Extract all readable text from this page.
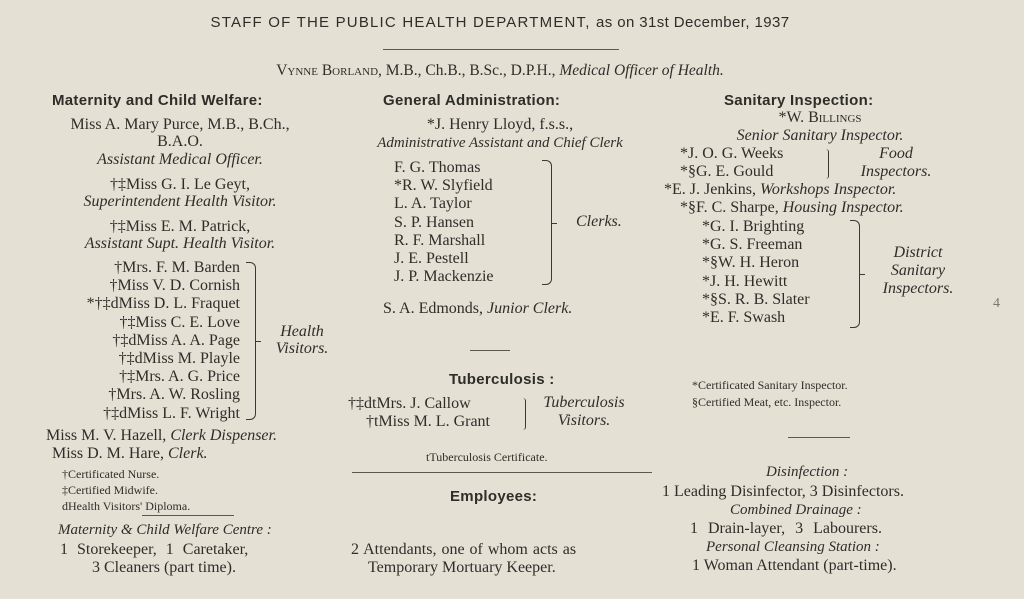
STAFF OF THE PUBLIC HEALTH DEPARTMENT, as on 31st December, 1937
Vynne Borland, M.B., Ch.B., B.Sc., D.P.H., Medical Officer of Health.
Maternity and Child Welfare:
Miss A. Mary Purce, M.B., B.Ch.,
B.A.O.
Assistant Medical Officer.
†‡Miss G. I. Le Geyt,
Superintendent Health Visitor.
†‡Miss E. M. Patrick,
Assistant Supt. Health Visitor.
†Mrs. F. M. Barden
†Miss V. D. Cornish
*†‡dMiss D. L. Fraquet
†‡Miss C. E. Love
†‡dMiss A. A. Page
†‡dMiss M. Playle
†‡Mrs. A. G. Price
†Mrs. A. W. Rosling
†‡dMiss L. F. Wright
Health
Visitors.
Miss M. V. Hazell, Clerk Dispenser.
Miss D. M. Hare, Clerk.
†Certificated Nurse.
‡Certified Midwife.
dHealth Visitors' Diploma.
Maternity & Child Welfare Centre :
1 Storekeeper, 1 Caretaker,
3 Cleaners (part time).
General Administration:
*J. Henry Lloyd, f.s.s.,
Administrative Assistant and Chief Clerk
F. G. Thomas
*R. W. Slyfield
L. A. Taylor
S. P. Hansen
R. F. Marshall
J. E. Pestell
J. P. Mackenzie
Clerks.
S. A. Edmonds, Junior Clerk.
Tuberculosis :
†‡dtMrs. J. Callow
†tMiss M. L. Grant
Tuberculosis
Visitors.
tTuberculosis Certificate.
Employees:
2 Attendants, one of whom acts as
Temporary Mortuary Keeper.
Sanitary Inspection:
*W. Billings
Senior Sanitary Inspector.
*J. O. G. Weeks
*§G. E. Gould
Food
Inspectors.
*E. J. Jenkins, Workshops Inspector.
*§F. C. Sharpe, Housing Inspector.
*G. I. Brighting
*G. S. Freeman
*§W. H. Heron
*J. H. Hewitt
*§S. R. B. Slater
*E. F. Swash
District
Sanitary
Inspectors.
*Certificated Sanitary Inspector.
§Certified Meat, etc. Inspector.
Disinfection :
1 Leading Disinfector, 3 Disinfectors.
Combined Drainage :
1 Drain-layer, 3 Labourers.
Personal Cleansing Station :
1 Woman Attendant (part-time).
4
